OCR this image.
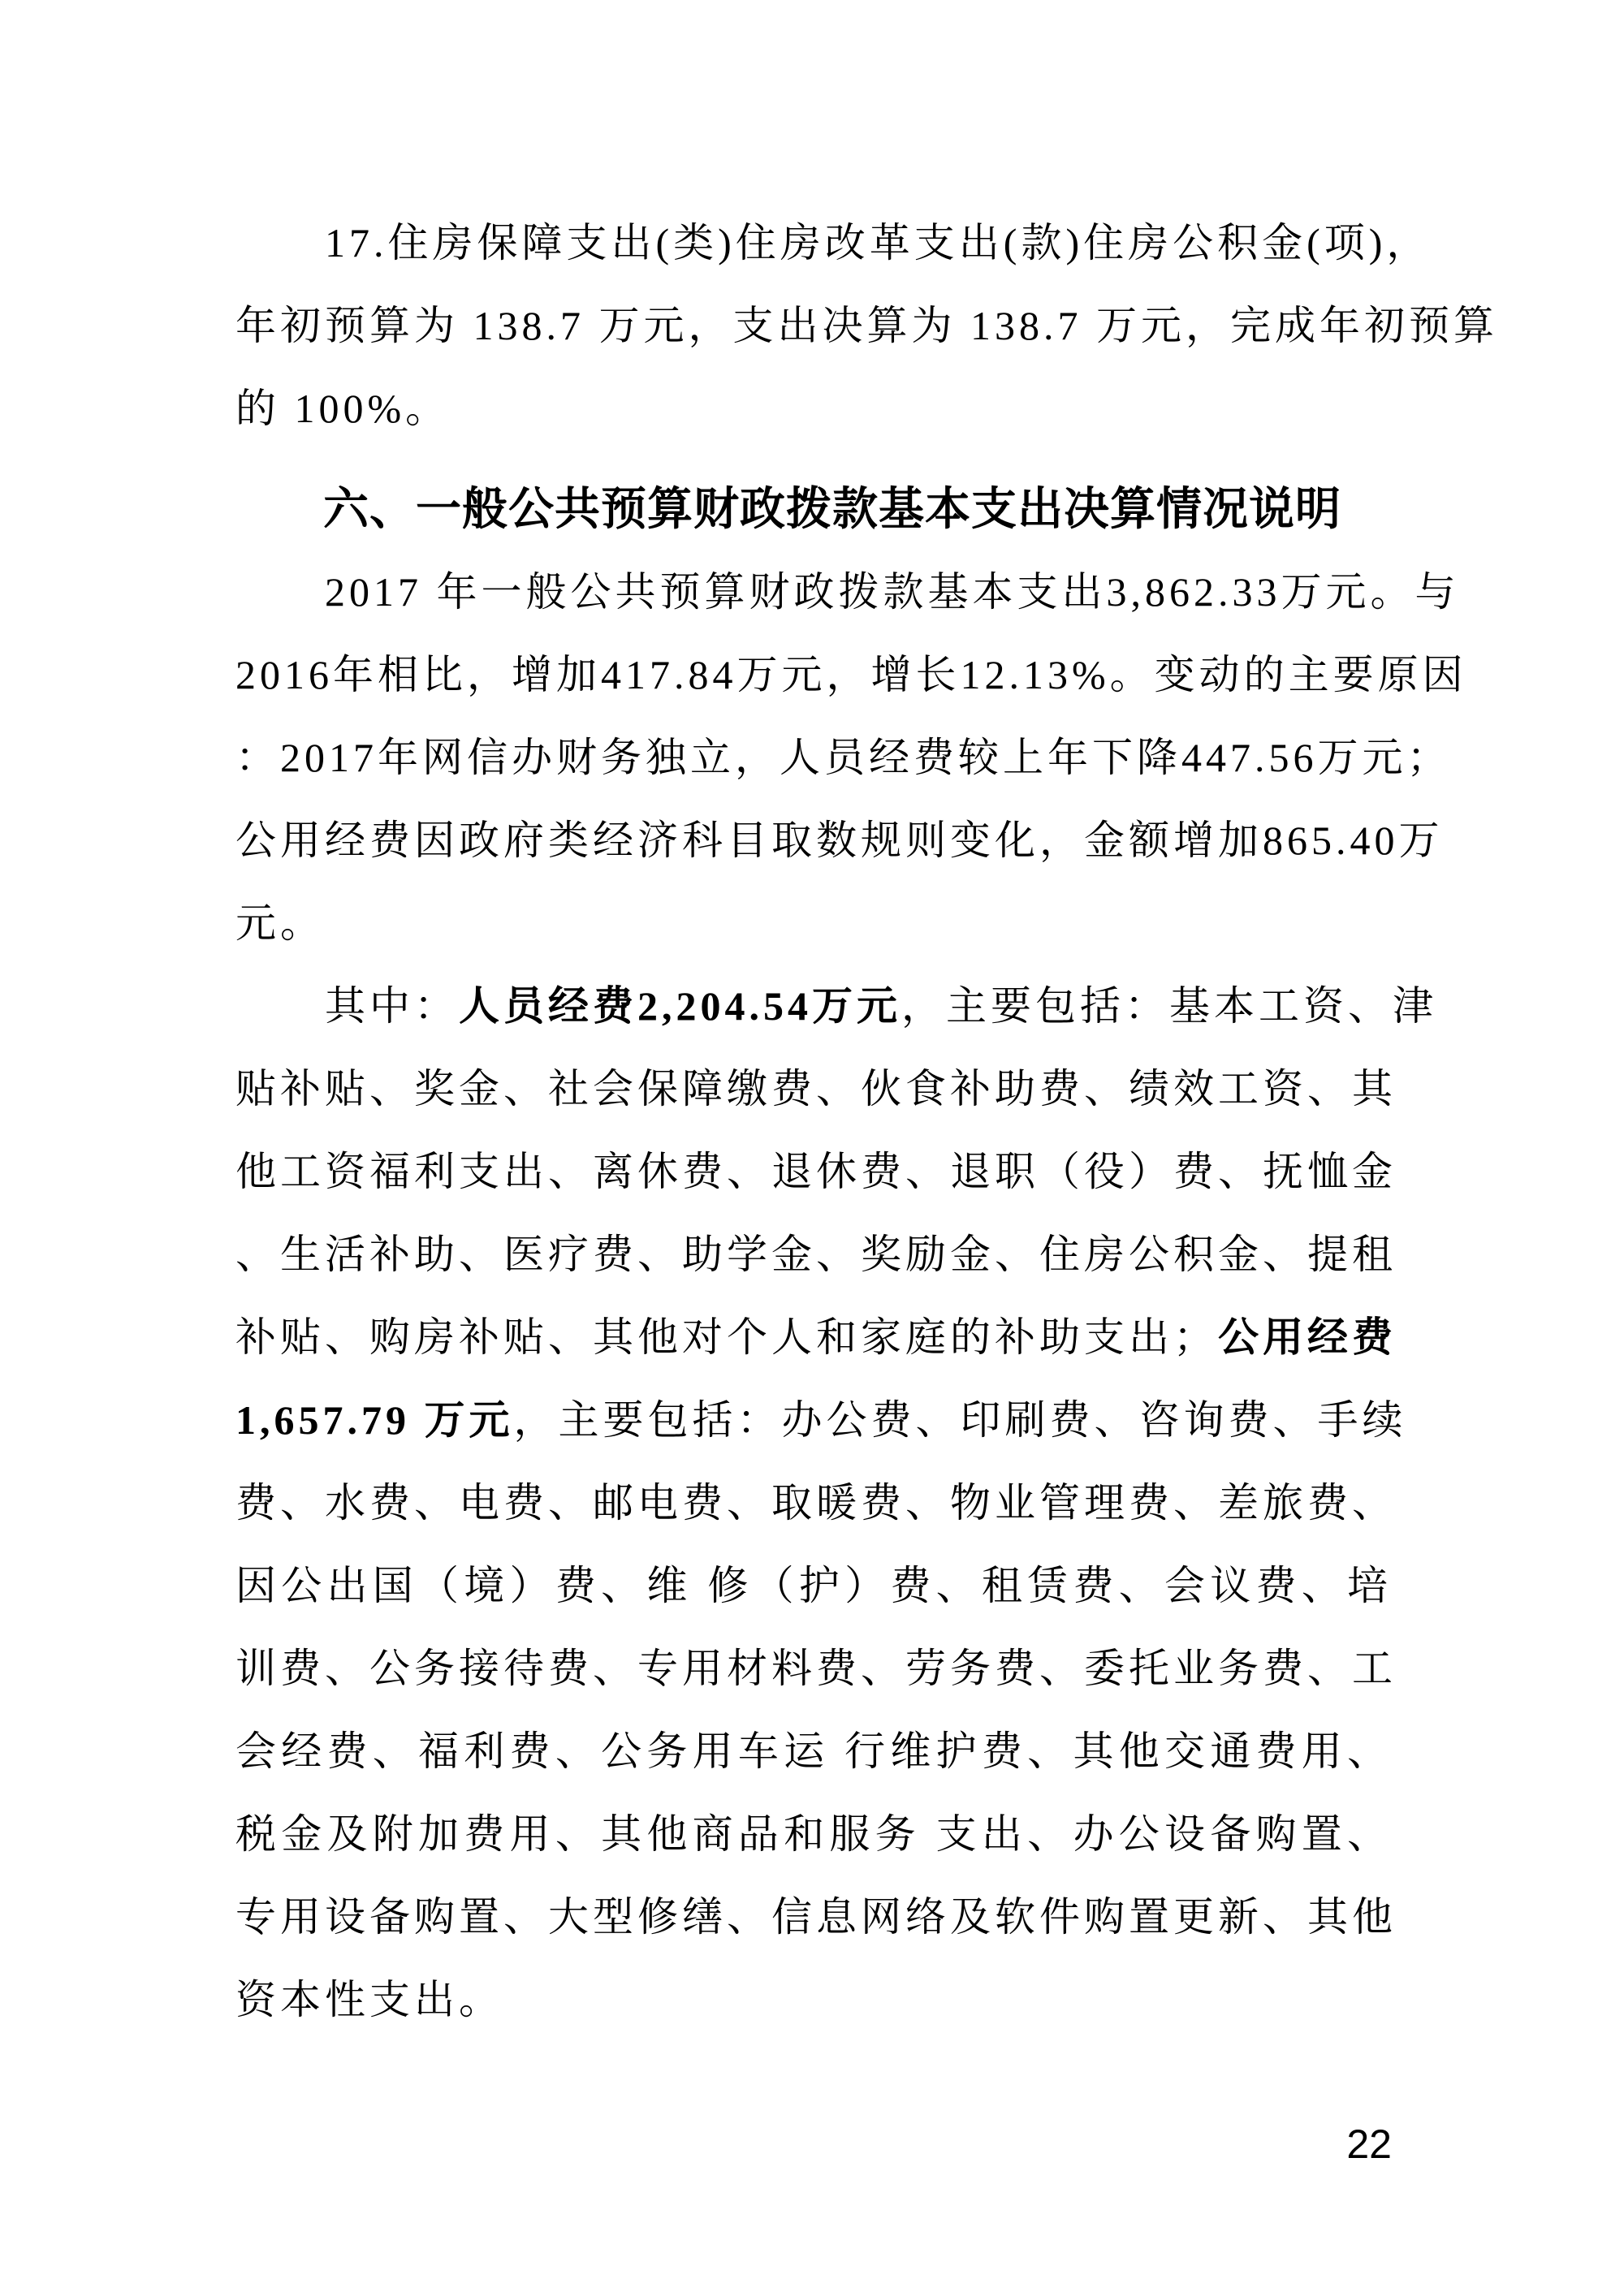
17.住房保障支出(类)住房改革支出(款)住房公积金(项)，
年初预算为 138.7 万元，支出决算为 138.7 万元，完成年初预算
的 100%。
六、一般公共预算财政拨款基本支出决算情况说明
2017 年一般公共预算财政拨款基本支出3,862.33万元。与
2016年相比，增加417.84万元，增长12.13%。变动的主要原因
：2017年网信办财务独立，人员经费较上年下降447.56万元；
公用经费因政府类经济科目取数规则变化，金额增加865.40万
元。
其中：人员经费2,204.54万元，主要包括：基本工资、津
贴补贴、奖金、社会保障缴费、伙食补助费、绩效工资、其
他工资福利支出、离休费、退休费、退职（役）费、抚恤金
、生活补助、医疗费、助学金、奖励金、住房公积金、提租
补贴、购房补贴、其他对个人和家庭的补助支出；公用经费
1,657.79 万元，主要包括：办公费、印刷费、咨询费、手续
费、水费、电费、邮电费、取暖费、物业管理费、差旅费、
因公出国（境）费、维 修（护）费、租赁费、会议费、培
训费、公务接待费、专用材料费、劳务费、委托业务费、工
会经费、福利费、公务用车运 行维护费、其他交通费用、
税金及附加费用、其他商品和服务 支出、办公设备购置、
专用设备购置、大型修缮、信息网络及软件购置更新、其他
资本性支出。
22
